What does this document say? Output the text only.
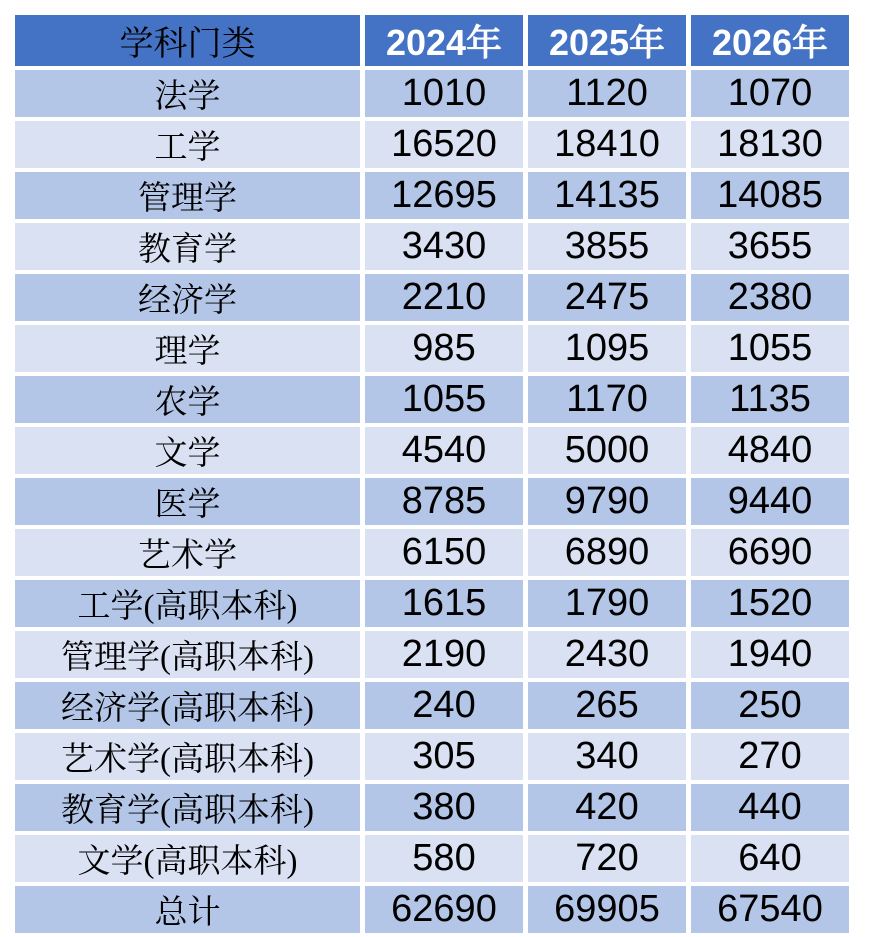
学科门类	2024年	2025年	2026年
法学	1010	1120	1070
工学	16520	18410	18130
管理学	12695	14135	14085
教育学	3430	3855	3655
经济学	2210	2475	2380
理学	985	1095	1055
农学	1055	1170	1135
文学	4540	5000	4840
医学	8785	9790	9440
艺术学	6150	6890	6690
工学(高职本科)	1615	1790	1520
管理学(高职本科)	2190	2430	1940
经济学(高职本科)	240	265	250
艺术学(高职本科)	305	340	270
教育学(高职本科)	380	420	440
文学(高职本科)	580	720	640
总计	62690	69905	67540
